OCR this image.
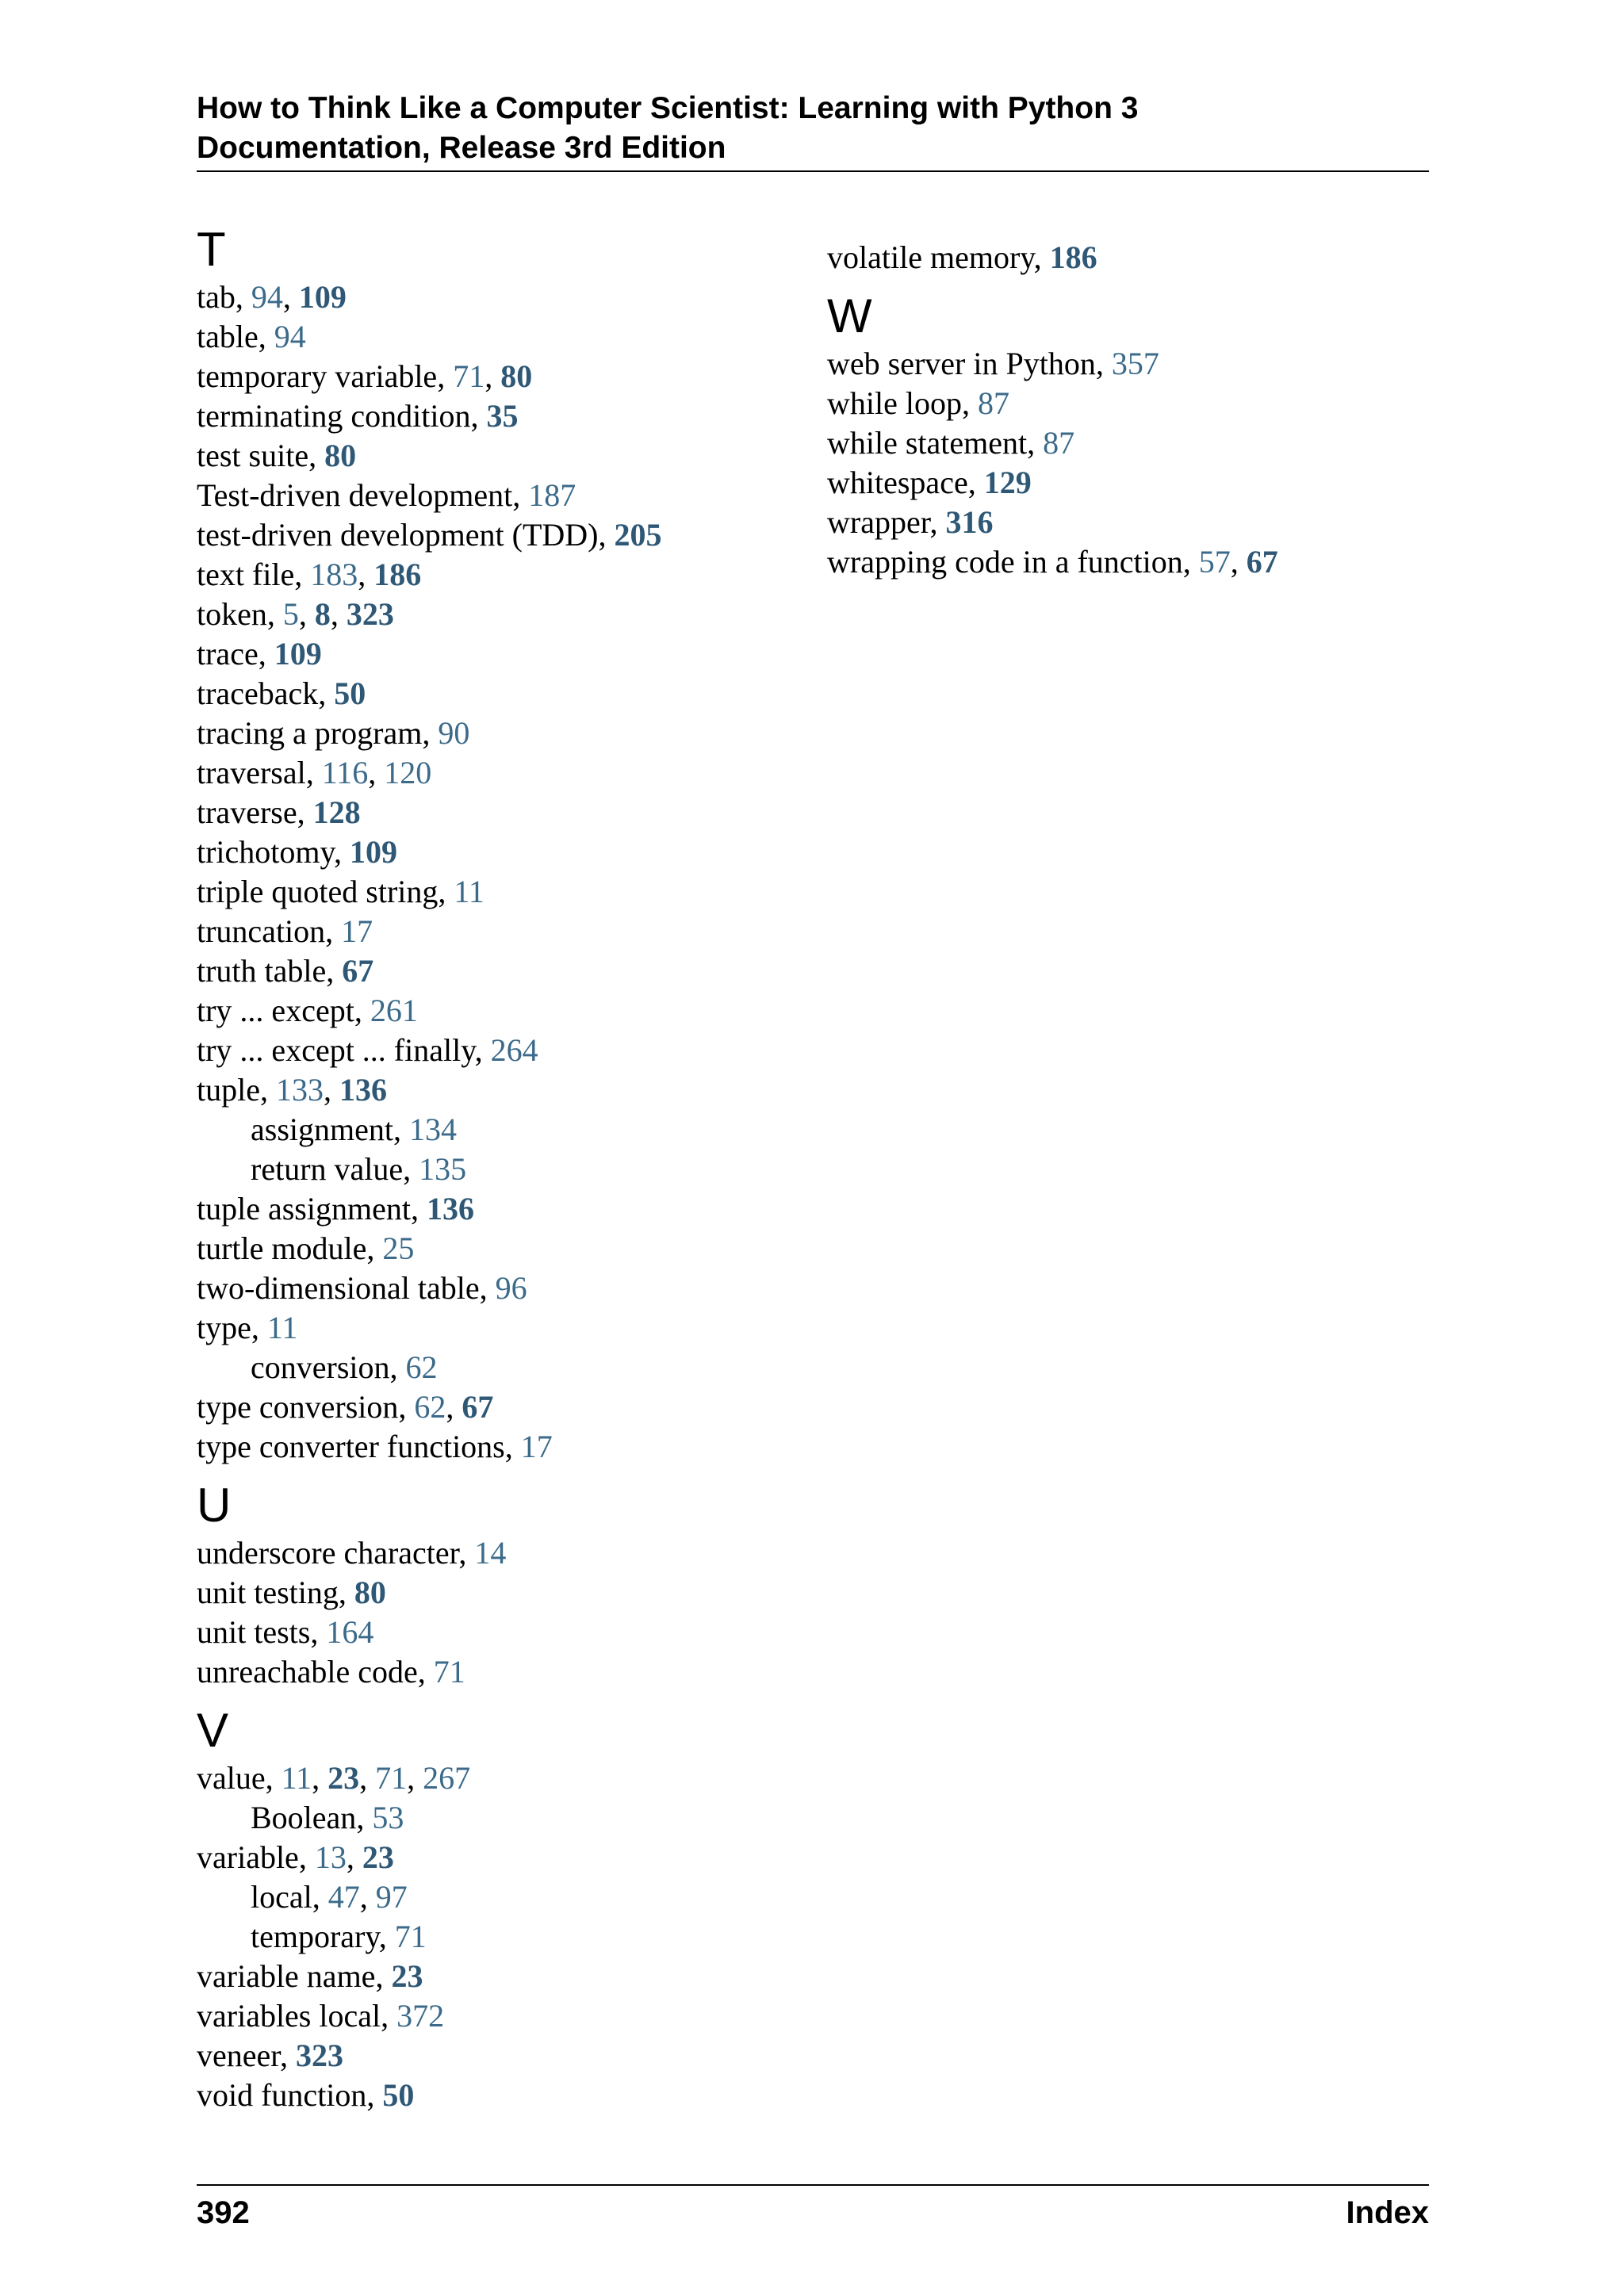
How to Think Like a Computer Scientist: Learning with Python 3
Documentation, Release 3rd Edition
T
tab, 94, 109
table, 94
temporary variable, 71, 80
terminating condition, 35
test suite, 80
Test-driven development, 187
test-driven development (TDD), 205
text file, 183, 186
token, 5, 8, 323
trace, 109
traceback, 50
tracing a program, 90
traversal, 116, 120
traverse, 128
trichotomy, 109
triple quoted string, 11
truncation, 17
truth table, 67
try ... except, 261
try ... except ... finally, 264
tuple, 133, 136
assignment, 134
return value, 135
tuple assignment, 136
turtle module, 25
two-dimensional table, 96
type, 11
conversion, 62
type conversion, 62, 67
type converter functions, 17
U
underscore character, 14
unit testing, 80
unit tests, 164
unreachable code, 71
V
value, 11, 23, 71, 267
Boolean, 53
variable, 13, 23
local, 47, 97
temporary, 71
variable name, 23
variables local, 372
veneer, 323
void function, 50
volatile memory, 186
W
web server in Python, 357
while loop, 87
while statement, 87
whitespace, 129
wrapper, 316
wrapping code in a function, 57, 67
392	Index
